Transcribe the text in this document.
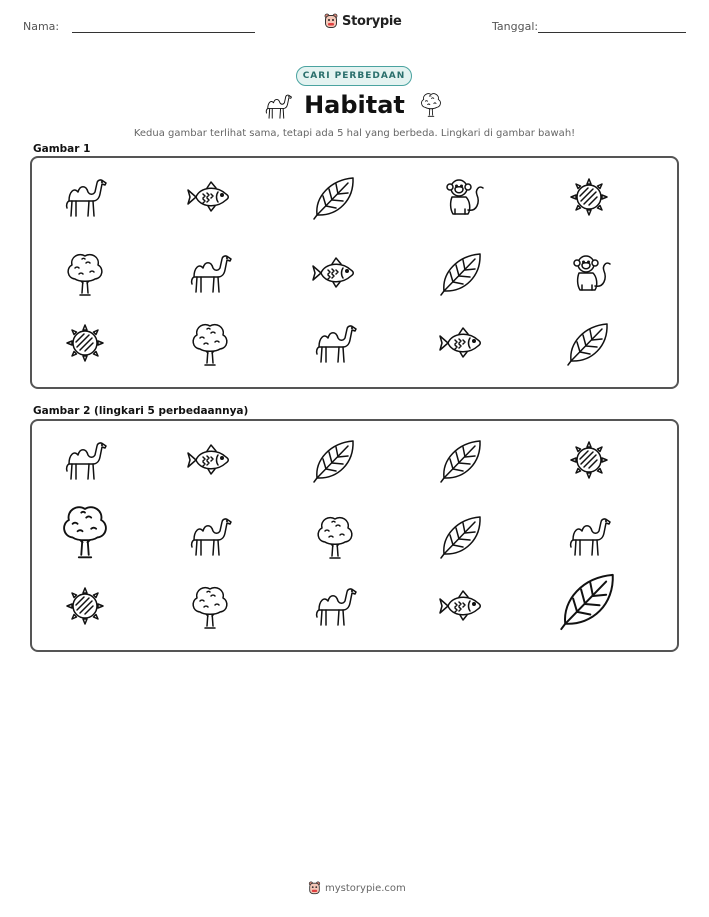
Nama:	Storypie	Tanggal:
CARI PERBEDAAN
Habitat
Kedua gambar terlihat sama, tetapi ada 5 hal yang berbeda. Lingkari di gambar bawah!
Gambar 1
Gambar 2 (lingkari 5 perbedaannya)
mystorypie.com
